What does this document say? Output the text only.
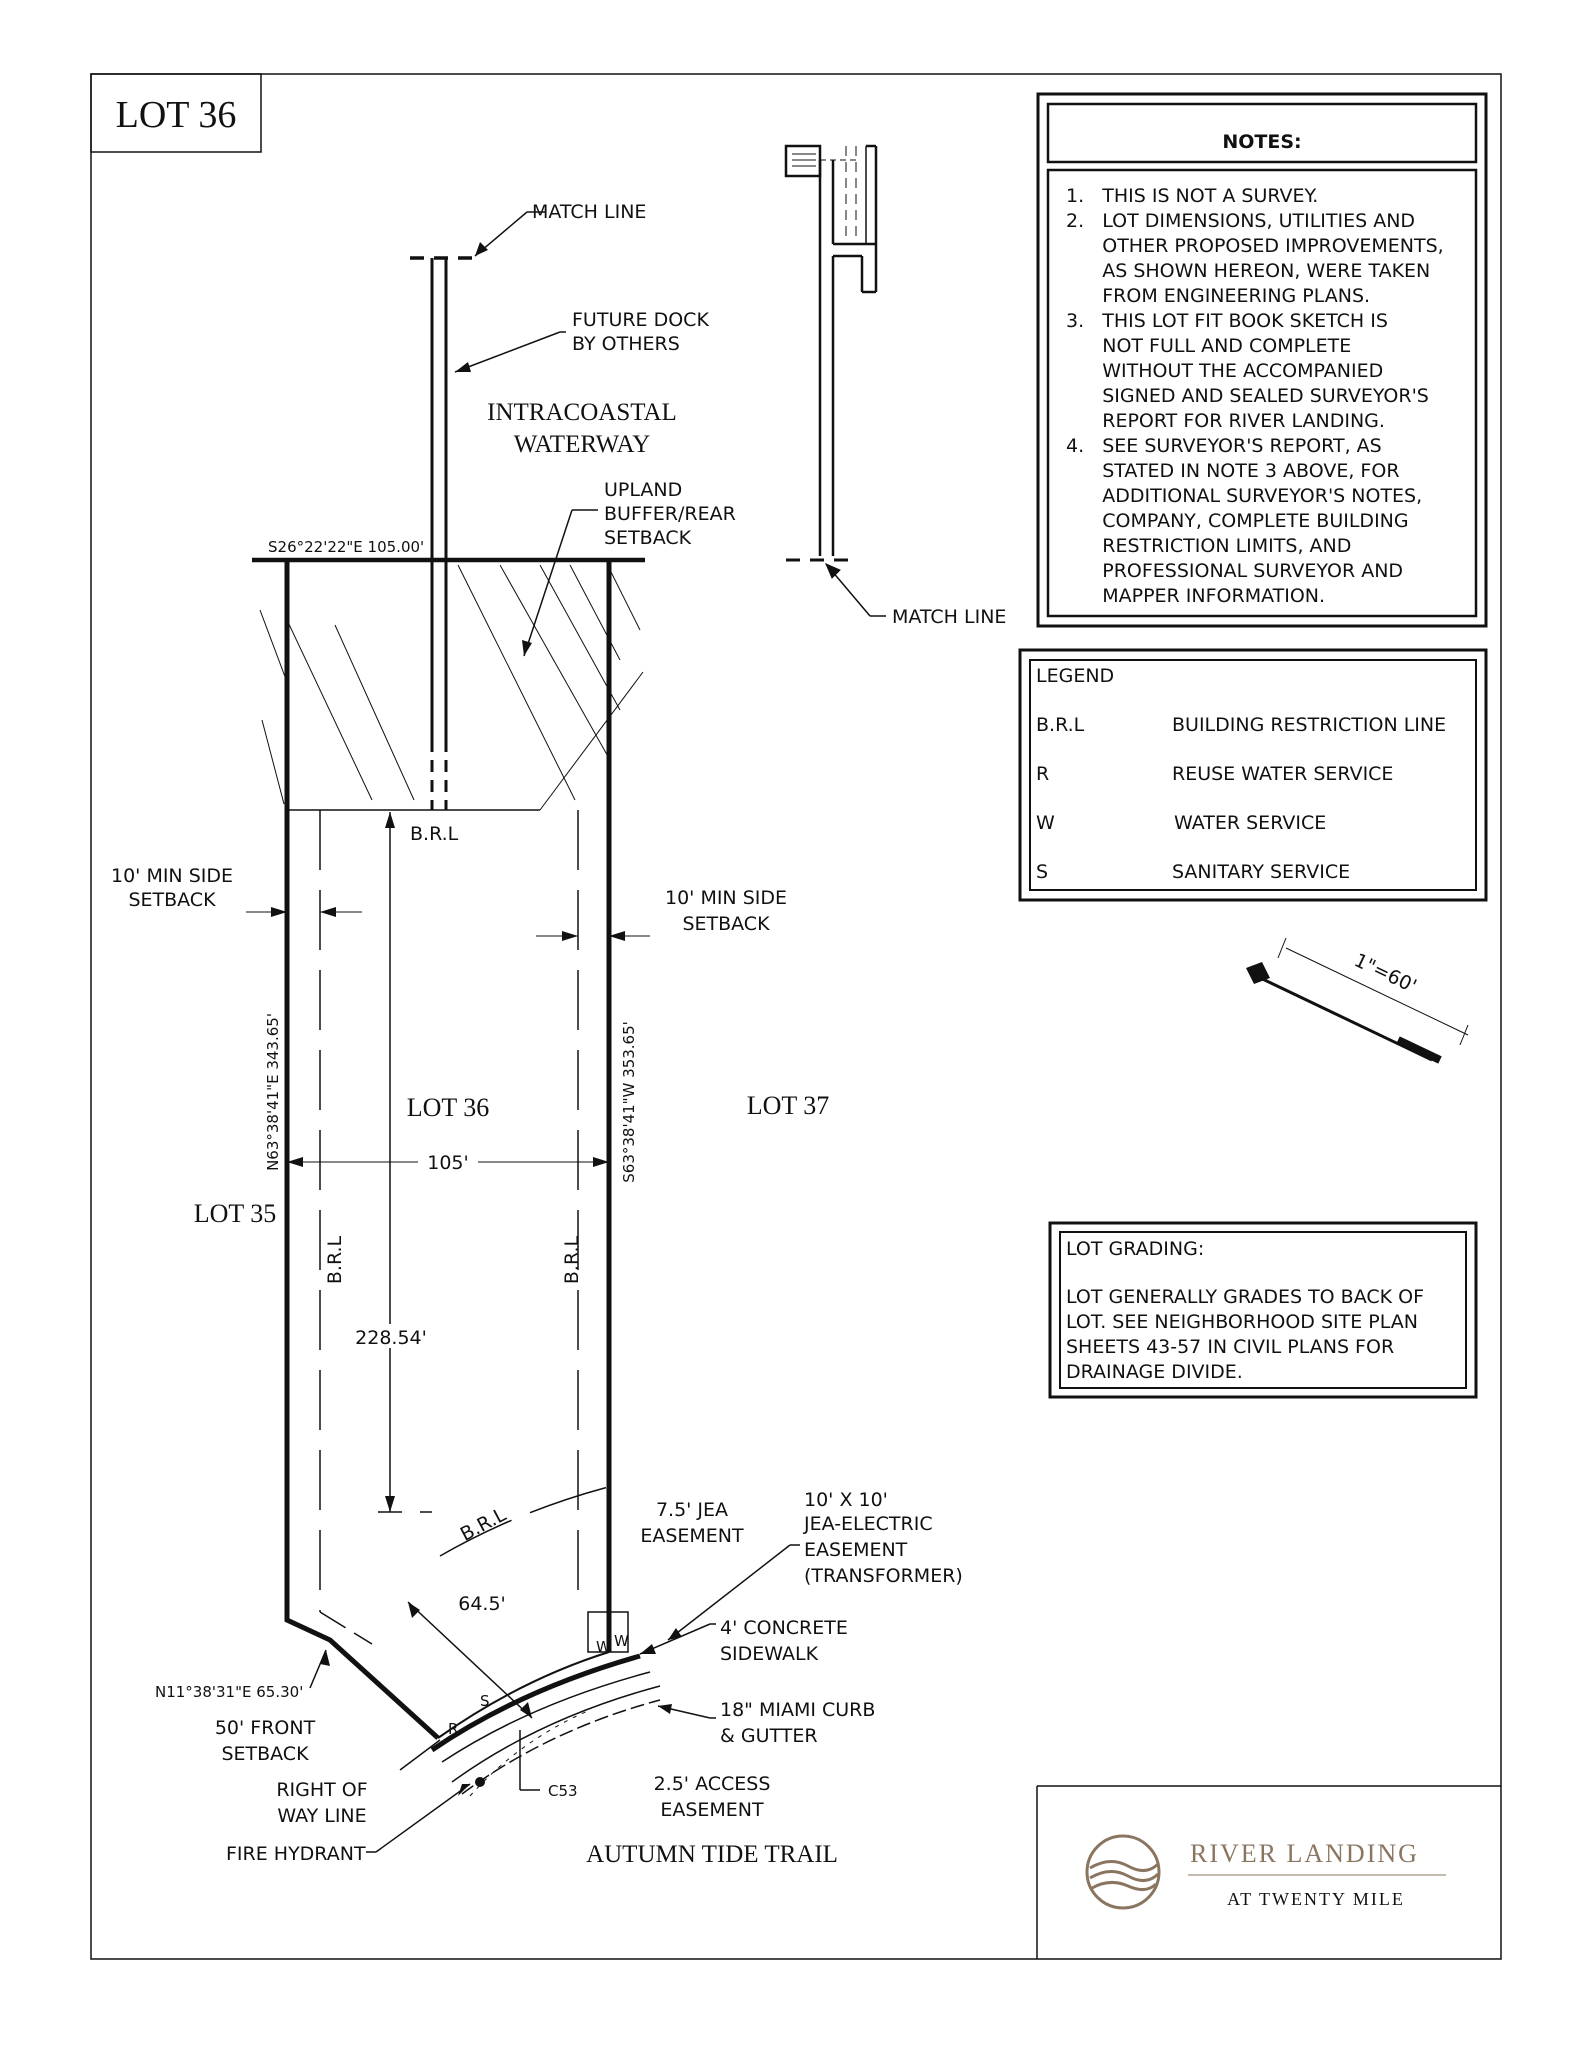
LOT 36
NOTES:
1.   THIS IS NOT A SURVEY.
2.   LOT DIMENSIONS, UTILITIES AND
OTHER PROPOSED IMPROVEMENTS,
AS SHOWN HEREON, WERE TAKEN
FROM ENGINEERING PLANS.
3.   THIS LOT FIT BOOK SKETCH IS
NOT FULL AND COMPLETE
WITHOUT THE ACCOMPANIED
SIGNED AND SEALED SURVEYOR'S
REPORT FOR RIVER LANDING.
4.   SEE SURVEYOR'S REPORT, AS
STATED IN NOTE 3 ABOVE, FOR
ADDITIONAL SURVEYOR'S NOTES,
COMPANY, COMPLETE BUILDING
RESTRICTION LIMITS, AND
PROFESSIONAL SURVEYOR AND
MAPPER INFORMATION.
LEGEND
B.R.L	BUILDING RESTRICTION LINE
R	REUSE WATER SERVICE
W	WATER SERVICE
S	SANITARY SERVICE
1"=60'
LOT GRADING:
LOT GENERALLY GRADES TO BACK OF
LOT. SEE NEIGHBORHOOD SITE PLAN
SHEETS 43-57 IN CIVIL PLANS FOR
DRAINAGE DIVIDE.
RIVER LANDING
AT TWENTY MILE
MATCH LINE
MATCH LINE
FUTURE DOCK
BY OTHERS
INTRACOASTAL
WATERWAY
UPLAND
BUFFER/REAR
SETBACK
S26°22'22"E 105.00'
B.R.L
10' MIN SIDE
SETBACK	10' MIN SIDE
SETBACK
N63°38'41"E 343.65'	S63°38'41"W 353.65'
LOT 36	LOT 37
LOT 35
105'
B.R.L	B.R.L
228.54'
B.R.L
64.5'
7.5' JEA
EASEMENT
10' X 10'
JEA-ELECTRIC
EASEMENT
(TRANSFORMER)
4' CONCRETE
SIDEWALK
18" MIAMI CURB
& GUTTER
N11°38'31"E 65.30'
50' FRONT
SETBACK
RIGHT OF
WAY LINE
C53	2.5' ACCESS
EASEMENT
FIRE HYDRANT	AUTUMN TIDE TRAIL
R
S
W W
